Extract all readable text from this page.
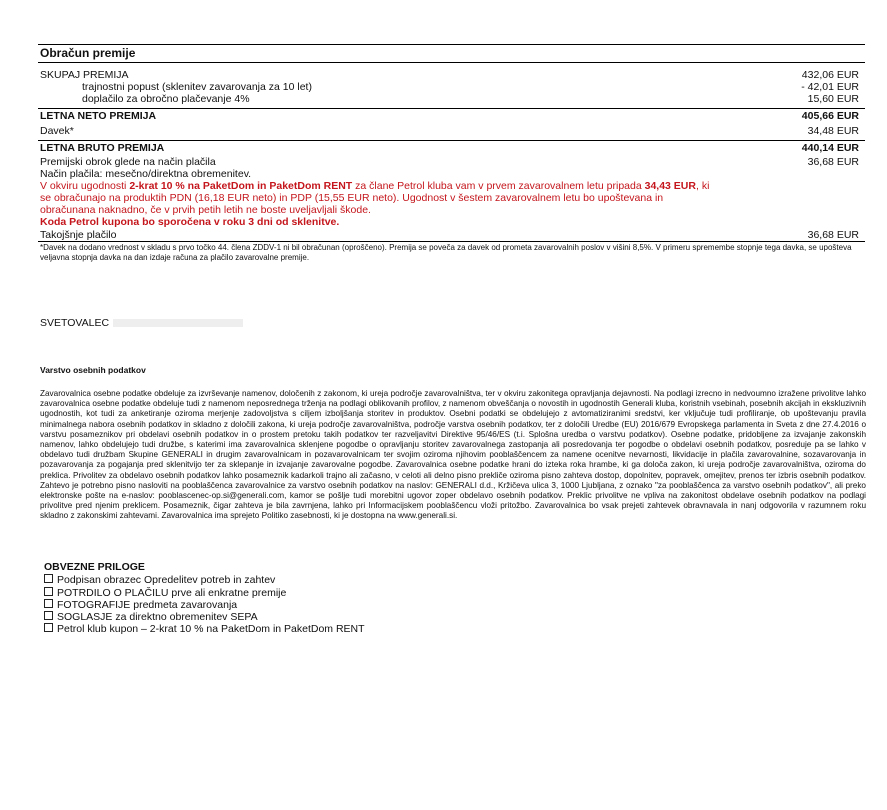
Obračun premije
SKUPAJ PREMIJA	432,06 EUR
trajnostni popust (sklenitev zavarovanja za 10 let)	- 42,01 EUR
doplačilo za obročno plačevanje 4%	15,60 EUR
LETNA NETO PREMIJA	405,66 EUR
Davek*	34,48 EUR
LETNA BRUTO PREMIJA	440,14 EUR
Premijski obrok glede na način plačila	36,68 EUR
Način plačila: mesečno/direktna obremenitev.
V okviru ugodnosti 2-krat 10 % na PaketDom in PaketDom RENT za člane Petrol kluba vam v prvem zavarovalnem letu pripada 34,43 EUR, ki se obračunajo na produktih PDN (16,18 EUR neto) in PDP (15,55 EUR neto). Ugodnost v šestem zavarovalnem letu bo upoštevana in obračunana naknadno, če v prvih petih letih ne boste uveljavljali škode.
Koda Petrol kupona bo sporočena v roku 3 dni od sklenitve.
Takojšnje plačilo	36,68 EUR
*Davek na dodano vrednost v skladu s prvo točko 44. člena ZDDV-1 ni bil obračunan (oproščeno). Premija se poveča za davek od prometa zavarovalnih poslov v višini 8,5%. V primeru spremembe stopnje tega davka, se upošteva veljavna stopnja davka na dan izdaje računa za plačilo zavarovalne premije.
SVETOVALEC
Varstvo osebnih podatkov
Zavarovalnica osebne podatke obdeluje za izvrševanje namenov, določenih z zakonom, ki ureja področje zavarovalništva, ter v okviru zakonitega opravljanja dejavnosti. Na podlagi izrecno in nedvoumno izražene privolitve lahko zavarovalnica osebne podatke obdeluje tudi z namenom neposrednega trženja na podlagi oblikovanih profilov, z namenom obveščanja o novostih in ugodnostih Generali kluba, koristnih vsebinah, posebnih akcijah in ekskluzivnih ugodnostih, kot tudi za anketiranje oziroma merjenje zadovoljstva s ciljem izboljšanja storitev in produktov. Osebni podatki se obdelujejo z avtomatiziranimi sredstvi, ker vključuje tudi profiliranje, ob upoštevanju pravila minimalnega nabora osebnih podatkov in skladno z določili zakona, ki ureja področje zavarovalništva, področje varstva osebnih podatkov, ter z določili Uredbe (EU) 2016/679 Evropskega parlamenta in Sveta z dne 27.4.2016 o varstvu posameznikov pri obdelavi osebnih podatkov in o prostem pretoku takih podatkov ter razveljavitvi Direktive 95/46/ES (t.i. Splošna uredba o varstvu podatkov). Osebne podatke, pridobljene za izvajanje zakonskih namenov, lahko obdelujejo tudi družbe, s katerimi ima zavarovalnica sklenjene pogodbe o opravljanju storitev zavarovalnega zastopanja ali posredovanja ter pogodbe o obdelavi osebnih podatkov, posreduje pa se lahko v obdelavo tudi družbam Skupine GENERALI in drugim zavarovalnicam in pozavarovalnicam ter svojim oziroma njihovim pooblaščencem za namene ocenitve nevarnosti, likvidacije in plačila zavarovalnine, sozavarovanja in pozavarovanja za pogajanja pred sklenitvijo ter za sklepanje in izvajanje zavarovalne pogodbe. Zavarovalnica osebne podatke hrani do izteka roka hrambe, ki ga določa zakon, ki ureja področje zavarovalništva, oziroma do preklica. Privolitev za obdelavo osebnih podatkov lahko posameznik kadarkoli trajno ali začasno, v celoti ali delno pisno prekliče oziroma pisno zahteva dostop, dopolnitev, popravek, omejitev, prenos ter izbris osebnih podatkov. Zahtevo je potrebno pisno nasloviti na pooblaščenca zavarovalnice za varstvo osebnih podatkov na naslov: GENERALI d.d., Kržičeva ulica 3, 1000 Ljubljana, z oznako "za pooblaščenca za varstvo osebnih podatkov", ali preko elektronske pošte na e-naslov: pooblascenec-op.si@generali.com, kamor se pošlje tudi morebitni ugovor zoper obdelavo osebnih podatkov. Preklic privolitve ne vpliva na zakonitost obdelave osebnih podatkov na podlagi privolitve pred njenim preklicem. Posameznik, čigar zahteva je bila zavrnjena, lahko pri Informacijskem pooblaščencu vloži pritožbo. Zavarovalnica bo vsak prejeti zahtevek obravnavala in nanj odgovorila v razumnem roku skladno z zakonskimi zahtevami. Zavarovalnica ima sprejeto Politiko zasebnosti, ki je dostopna na www.generali.si.
OBVEZNE PRILOGE
Podpisan obrazec Opredelitev potreb in zahtev
POTRDILO O PLAČILU prve ali enkratne premije
FOTOGRAFIJE predmeta zavarovanja
SOGLASJE za direktno obremenitev SEPA
Petrol klub kupon – 2-krat 10 % na PaketDom in PaketDom RENT
